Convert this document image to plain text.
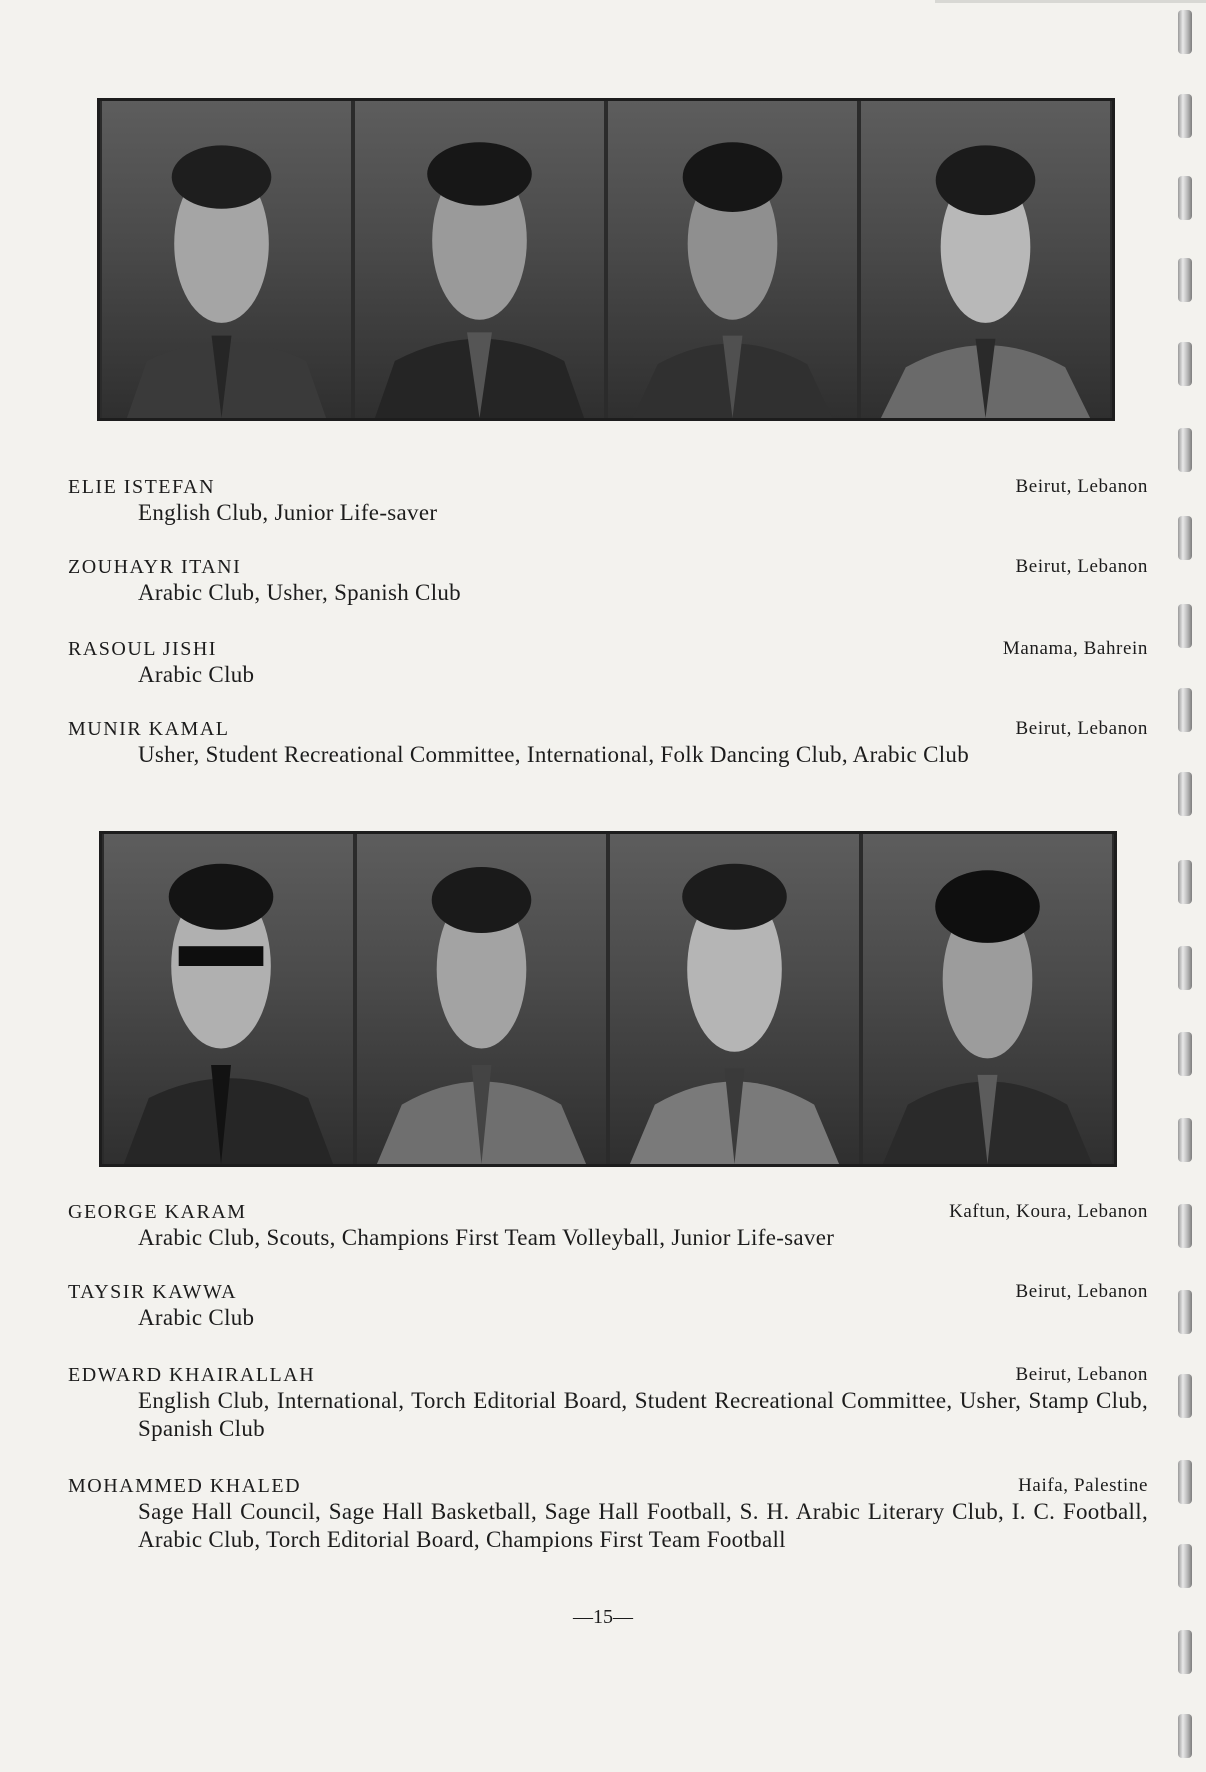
ELIE ISTEFAN	Beirut, Lebanon
English Club, Junior Life-saver
ZOUHAYR ITANI	Beirut, Lebanon
Arabic Club, Usher, Spanish Club
RASOUL JISHI	Manama, Bahrein
Arabic Club
MUNIR KAMAL	Beirut, Lebanon
Usher, Student Recreational Committee, International, Folk Dancing Club, Arabic Club
GEORGE KARAM	Kaftun, Koura, Lebanon
Arabic Club, Scouts, Champions First Team Volleyball, Junior Life-saver
TAYSIR KAWWA	Beirut, Lebanon
Arabic Club
EDWARD KHAIRALLAH	Beirut, Lebanon
English Club, International, Torch Editorial Board, Student Recreational Committee, Usher, Stamp Club, Spanish Club
MOHAMMED KHALED	Haifa, Palestine
Sage Hall Council, Sage Hall Basketball, Sage Hall Football, S. H. Arabic Literary Club, I. C. Football, Arabic Club, Torch Editorial Board, Champions First Team Football
—15—
